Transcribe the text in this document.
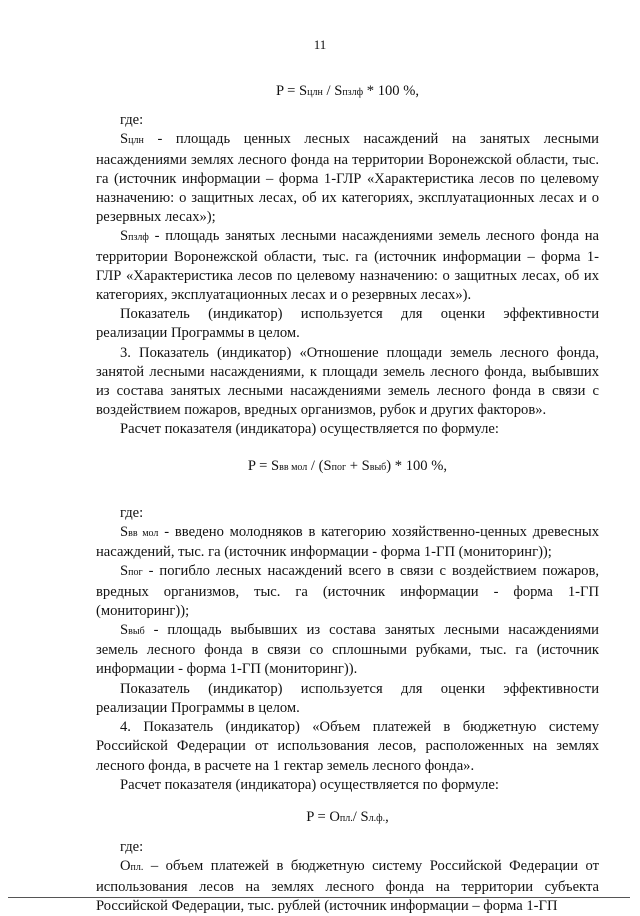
11

P = Sцлн / Sпзлф * 100 %,

где:

Sцлн - площадь ценных лесных насаждений на занятых лесными насаждениями землях лесного фонда на территории Воронежской области, тыс. га (источник информации – форма 1-ГЛР «Характеристика лесов по целевому назначению: о защитных лесах, об их категориях, эксплуатационных лесах и о резервных лесах»);

Sпзлф - площадь занятых лесными насаждениями земель лесного фонда на территории Воронежской области, тыс. га (источник информации – форма 1-ГЛР «Характеристика лесов по целевому назначению: о защитных лесах, об их категориях, эксплуатационных лесах и о резервных лесах»).

Показатель (индикатор) используется для оценки эффективности реализации Программы в целом.

3. Показатель (индикатор) «Отношение площади земель лесного фонда, занятой лесными насаждениями, к площади земель лесного фонда, выбывших из состава занятых лесными насаждениями земель лесного фонда в связи с воздействием пожаров, вредных организмов, рубок и других факторов».

Расчет показателя (индикатора) осуществляется по формуле:

P = Sвв мол / (Sпог + Sвыб) * 100 %,

где:

Sвв мол - введено молодняков в категорию хозяйственно-ценных древесных насаждений, тыс. га (источник информации - форма 1-ГП (мониторинг));

Sпог - погибло лесных насаждений всего в связи с воздействием пожаров, вредных организмов, тыс. га (источник информации - форма 1-ГП (мониторинг));

Sвыб - площадь выбывших из состава занятых лесными насаждениями земель лесного фонда в связи со сплошными рубками, тыс. га (источник информации - форма 1-ГП (мониторинг)).

Показатель (индикатор) используется для оценки эффективности реализации Программы в целом.

4. Показатель (индикатор) «Объем платежей в бюджетную систему Российской Федерации от использования лесов, расположенных на землях лесного фонда, в расчете на 1 гектар земель лесного фонда».

Расчет показателя (индикатора) осуществляется по формуле:

P = Oпл./ Sл.ф.,

где:

Oпл. – объем платежей в бюджетную систему Российской Федерации от использования лесов на землях лесного фонда на территории субъекта Российской Федерации, тыс. рублей (источник информации – форма 1-ГП
